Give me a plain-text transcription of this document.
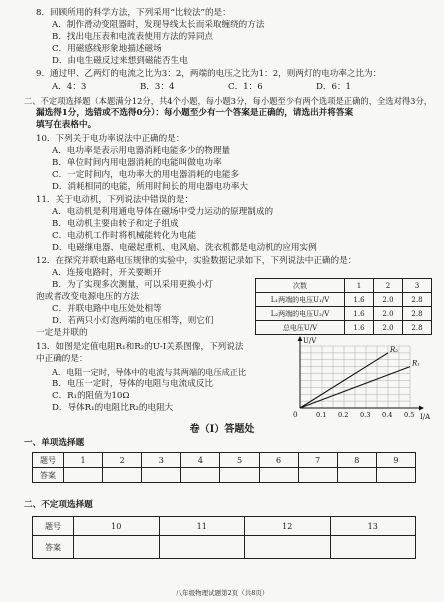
8．回顾所用的科学方法，下列采用“比较法”的是：
A．制作滑动变阻器时，发现导线太长而采取缠绕的方法
B．找出电压表和电流表使用方法的异同点
C．用磁感线形象地描述磁场
D．由电生磁反过来想到磁能否生电
9．通过甲、乙两灯的电流之比为3：2，两端的电压之比为1：2，则两灯的电功率之比为：
A．4：3	B．3：4	C．1：6	D．6：1
二、不定项选择题（本题满分12分，共4个小题，每小题3分，每小题至少有两个选项是正确的，全选对得3分，
漏选得1分，选错或不选得0分）：每小题至少有一个答案是正确的，请选出并将答案
填写在表格中。
10．下列关于电功率说法中正确的是：
A．电功率是表示用电器消耗电能多少的物理量
B．单位时间内用电器消耗的电能叫做电功率
C．一定时间内，电功率大的用电器消耗的电能多
D．消耗相同的电能，所用时间长的用电器电功率大
11．关于电动机，下列说法中错误的是：
A．电动机是利用通电导体在磁场中受力运动的原理制成的
B．电动机主要由转子和定子组成
C．电动机工作时将机械能转化为电能
D．电磁继电器、电磁起重机、电风扇、洗衣机都是电动机的应用实例
12．在探究并联电路电压规律的实验中，实验数据记录如下，下列说法中正确的是：
A．连接电路时，开关要断开
B．为了实现多次测量，可以采用更换小灯
泡或者改变电源电压的方法
C．并联电路中电压处处相等
D．若两只小灯泡两端的电压相等，则它们
一定是并联的
次数	1	2	3
L₁两端的电压U₁/V	1.6	2.0	2.8
L₂两端的电压U₂/V	1.6	2.0	2.8
总电压U/V	1.6	2.0	2.8
13．如图是定值电阻R₁和R₂的U-I关系图像，下列说法
中正确的是：
A．电阻一定时，导体中的电流与其两端的电压成正比
B．电压一定时，导体的电阻与电流成反比
C．R₁的阻值为10Ω
D．导体R₁的电阻比R₂的电阻大
I/A
U/V
0	0.1 0.2 0.3 0.4 0.5
R₂
R₁
卷（Ⅰ）答题处
一、单项选择题
题号	1	2	3	4	5	6	7	8	9
答案									
二、不定项选择题
题号	10	11	12	13
答案				
八年级物理试题第2页（共8页）
